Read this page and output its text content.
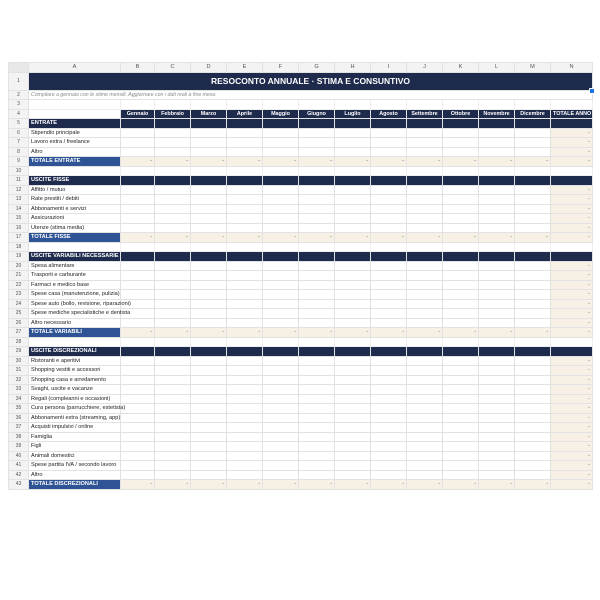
	A	B	C	D	E	F	G	H	I	J	K	L	M	N
1	RESOCONTO ANNUALE · STIMA E CONSUNTIVO													
2	Compilare a gennaio con le stime mensili. Aggiornare con i dati reali a fine mese.													
3														
4		Gennaio	Febbraio	Marzo	Aprile	Maggio	Giugno	Luglio	Agosto	Settembre	Ottobre	Novembre	Dicembre	TOTALE ANNO
5	ENTRATE													
6	Stipendio principale													-
7	Lavoro extra / freelance													-
8	Altro													-
9	TOTALE ENTRATE	-	-	-	-	-	-	-	-	-	-	-	-	-
10														
11	USCITE FISSE													
12	Affitto / mutuo													-
13	Rate prestiti / debiti													-
14	Abbonamenti e servizi													-
15	Assicurazioni													-
16	Utenze (stima media)													-
17	TOTALE FISSE	-	-	-	-	-	-	-	-	-	-	-	-	-
18														
19	USCITE VARIABILI NECESSARIE													
20	Spesa alimentare													-
21	Trasporti e carburante													-
22	Farmaci e medico base													-
23	Spese casa (manutenzione, pulizia)													-
24	Spese auto (bollo, revisione, riparazioni)													-
25	Spese mediche specialistiche e dentista													-
26	Altro necessario													-
27	TOTALE VARIABILI	-	-	-	-	-	-	-	-	-	-	-	-	-
28														
29	USCITE DISCREZIONALI													
30	Ristoranti e aperitivi													-
31	Shopping vestiti e accessori													-
32	Shopping casa e arredamento													-
33	Svaghi, uscite e vacanze													-
34	Regali (compleanni e occasioni)													-
35	Cura persona (parrucchiere, estetista)													-
36	Abbonamenti extra (streaming, app)													-
37	Acquisti impulsivi / online													-
38	Famiglia													-
39	Figli													-
40	Animali domestici													-
41	Spese partita IVA / secondo lavoro													-
42	Altro													-
43	TOTALE DISCREZIONALI	-	-	-	-	-	-	-	-	-	-	-	-	-
